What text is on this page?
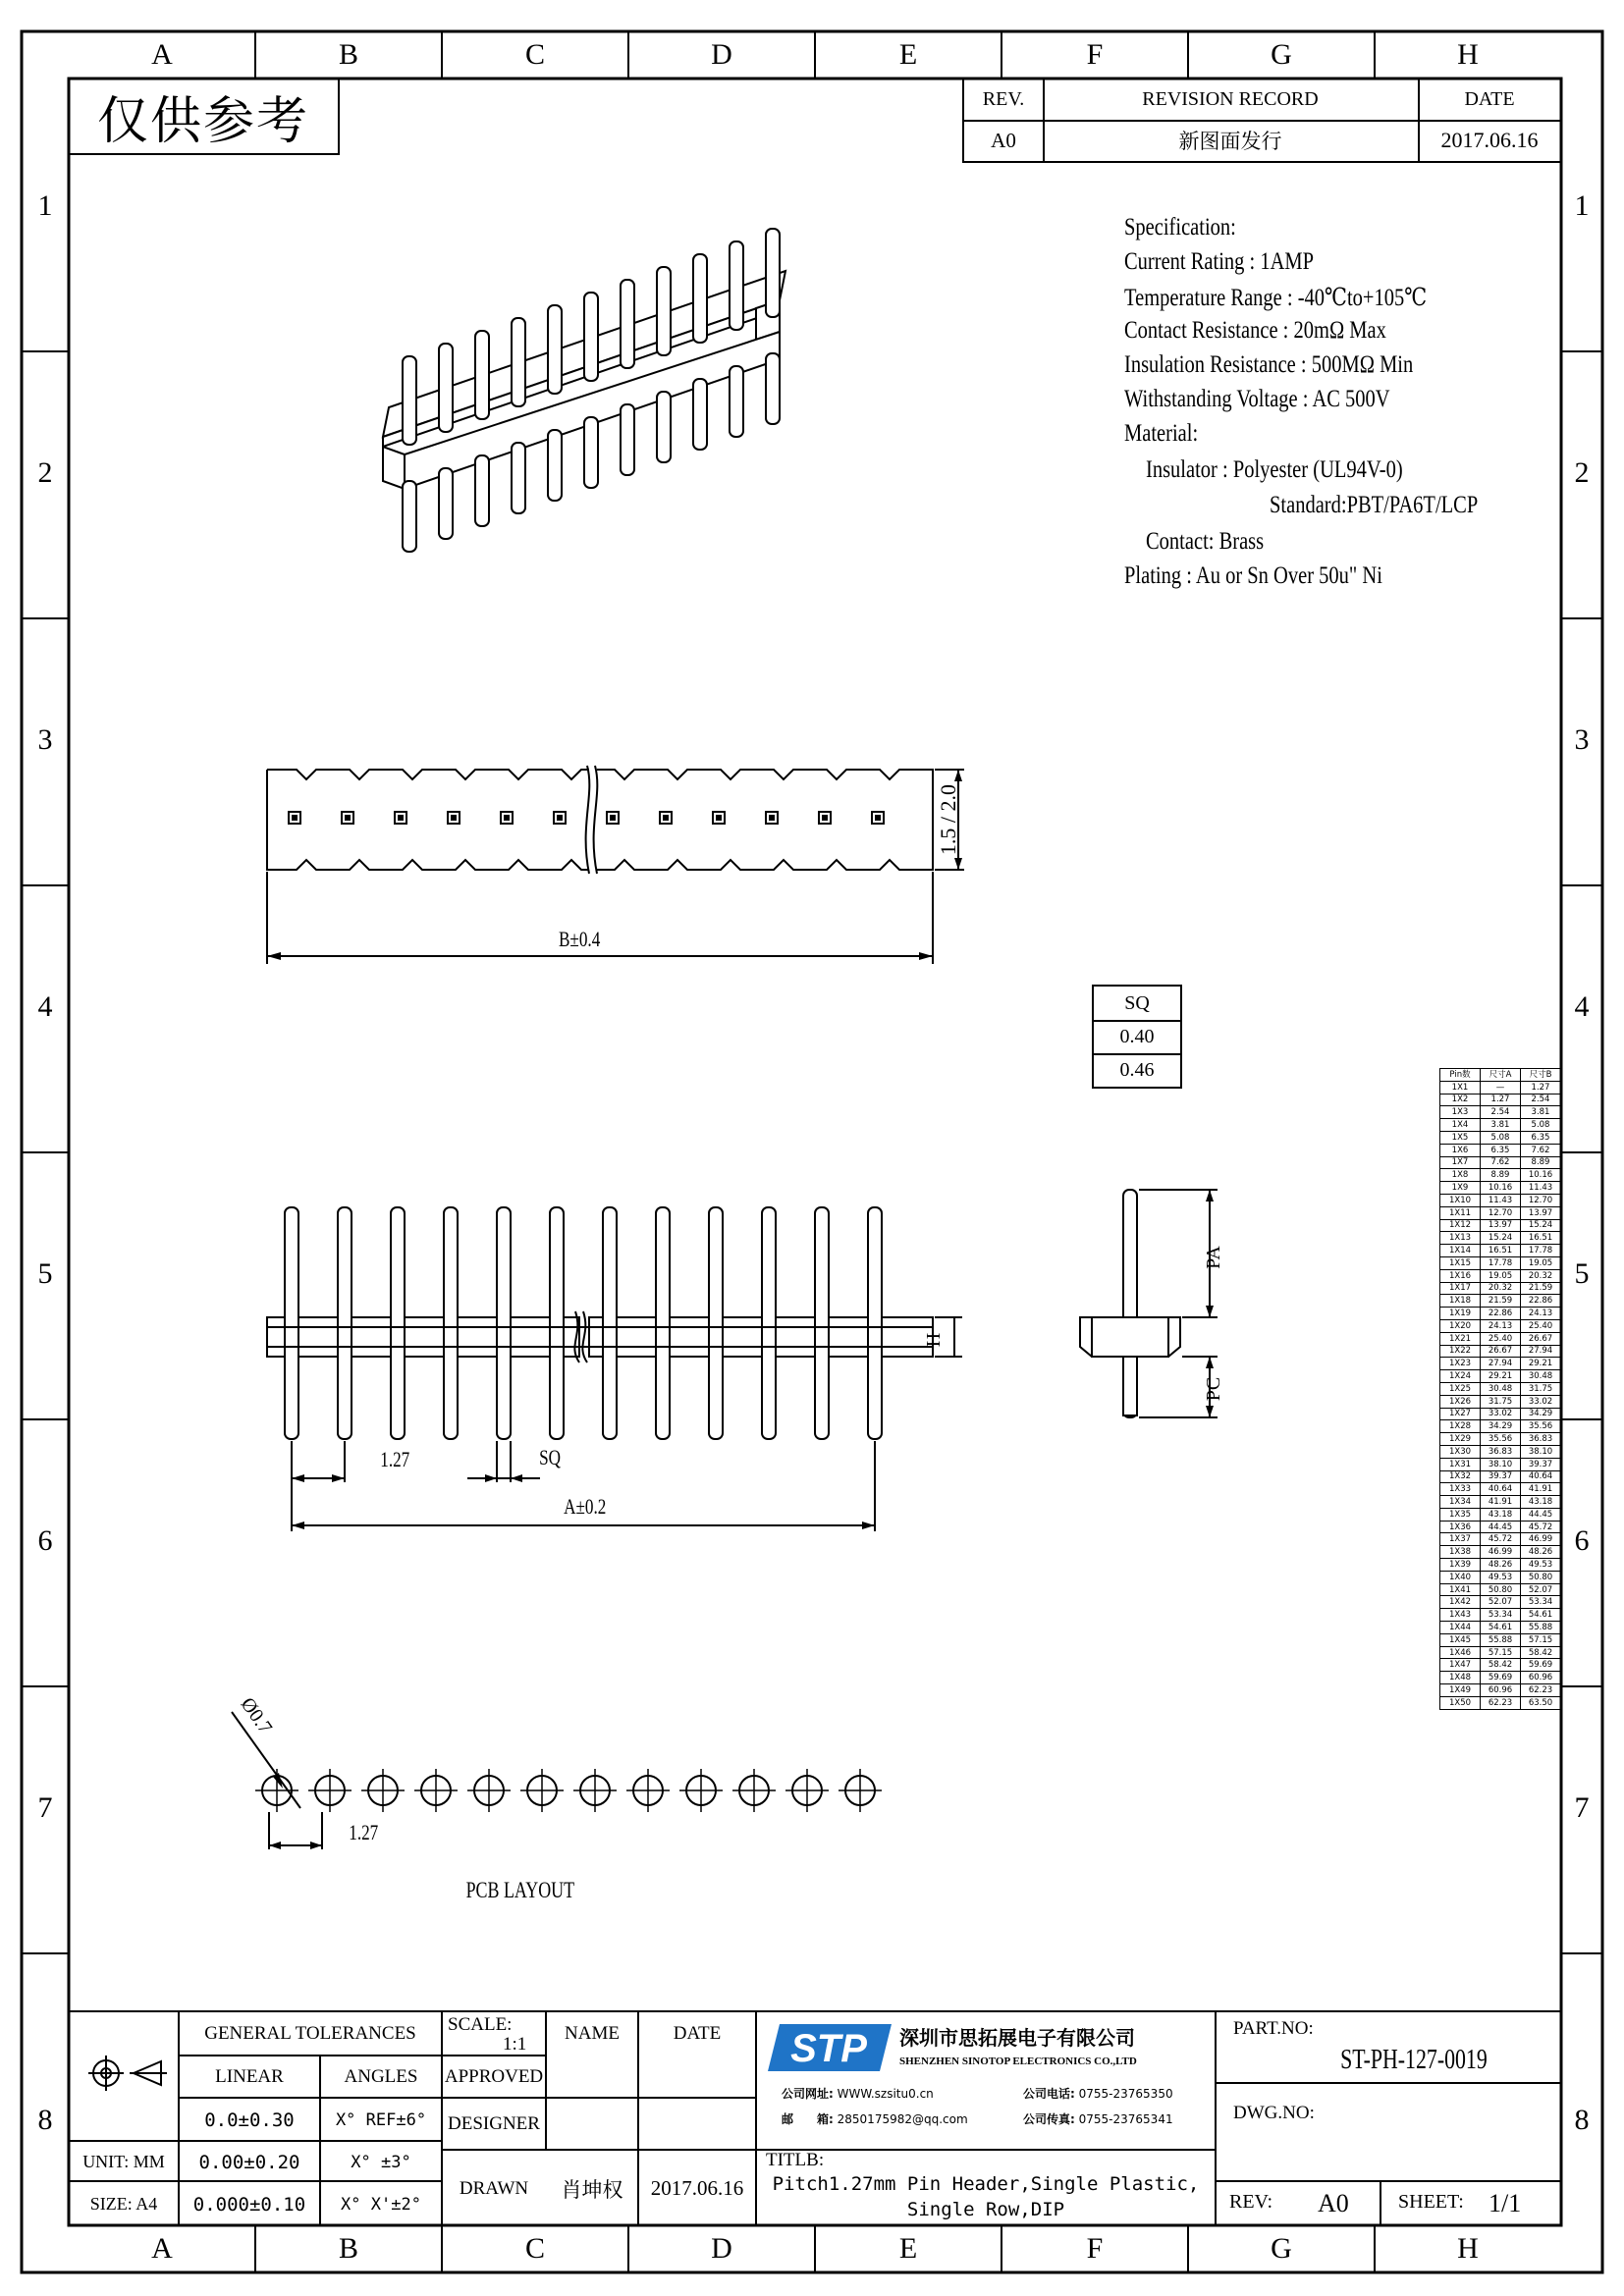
A	B	C	D	E	F	G	H
A	B	C	D	E	F	G	H
1
2
3
4
5
6
7
8
1
2
3
4
5
6
7
8
仅供参考	REV.	REVISION RECORD	DATE
A0	新图面发行	2017.06.16
Specification:
Current Rating : 1AMP
Temperature Range : -40℃to+105℃
Contact Resistance : 20mΩ Max
Insulation Resistance : 500MΩ Min
Withstanding Voltage : AC 500V
Material:
Insulator : Polyester (UL94V-0)
Standard:PBT/PA6T/LCP
Contact: Brass
Plating : Au or Sn Over 50u" Ni
1.5 / 2.0
B±0.4
SQ
0.40
0.46
H
1.27	SQ
A±0.2
PA
PC
Ø0.7
1.27
PCB LAYOUT
Pin数	尺寸A	尺寸B
1X1	—	1.27
1X2	1.27	2.54
1X3	2.54	3.81
1X4	3.81	5.08
1X5	5.08	6.35
1X6	6.35	7.62
1X7	7.62	8.89
1X8	8.89	10.16
1X9	10.16	11.43
1X10	11.43	12.70
1X11	12.70	13.97
1X12	13.97	15.24
1X13	15.24	16.51
1X14	16.51	17.78
1X15	17.78	19.05
1X16	19.05	20.32
1X17	20.32	21.59
1X18	21.59	22.86
1X19	22.86	24.13
1X20	24.13	25.40
1X21	25.40	26.67
1X22	26.67	27.94
1X23	27.94	29.21
1X24	29.21	30.48
1X25	30.48	31.75
1X26	31.75	33.02
1X27	33.02	34.29
1X28	34.29	35.56
1X29	35.56	36.83
1X30	36.83	38.10
1X31	38.10	39.37
1X32	39.37	40.64
1X33	40.64	41.91
1X34	41.91	43.18
1X35	43.18	44.45
1X36	44.45	45.72
1X37	45.72	46.99
1X38	46.99	48.26
1X39	48.26	49.53
1X40	49.53	50.80
1X41	50.80	52.07
1X42	52.07	53.34
1X43	53.34	54.61
1X44	54.61	55.88
1X45	55.88	57.15
1X46	57.15	58.42
1X47	58.42	59.69
1X48	59.69	60.96
1X49	60.96	62.23
1X50	62.23	63.50
GENERAL TOLERANCES
LINEAR	ANGLES
0.0±0.30	X° REF±6°
0.00±0.20	X° ±3°
0.000±0.10	X° X'±2°
UNIT: MM
SIZE: A4
SCALE:
1:1
NAME	DATE
APPROVED
DESIGNER
DRAWN	肖坤权	2017.06.16
STP 深圳市思拓展电子有限公司
SHENZHEN SINOTOP ELECTRONICS CO.,LTD
公司网址: WWW.szsitu0.cn	公司电话: 0755-23765350
邮　　箱: 2850175982@qq.com	公司传真: 0755-23765341
TITLB:
Pitch1.27mm Pin Header,Single Plastic,
Single Row,DIP
PART.NO:
ST-PH-127-0019
DWG.NO:
REV: A0	SHEET: 1/1
